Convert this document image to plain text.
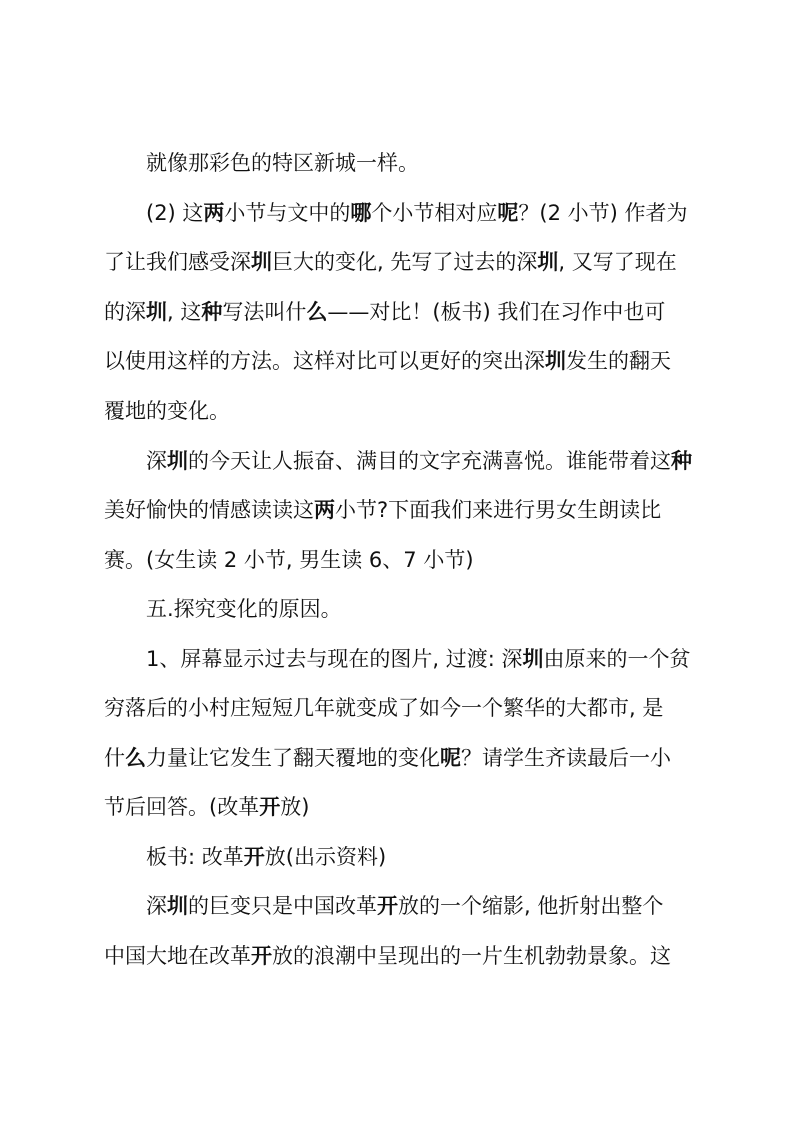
就像那彩色的特区新城一样。
(2) 这两小节与文中的哪个小节相对应呢？(2 小节) 作者为
了让我们感受深圳巨大的变化, 先写了过去的深圳, 又写了现在
的深圳, 这种写法叫什么——对比！(板书) 我们在习作中也可
以使用这样的方法。这样对比可以更好的突出深圳发生的翻天
覆地的变化。
深圳的今天让人振奋、满目的文字充满喜悦。谁能带着这种
美好愉快的情感读读这两小节?下面我们来进行男女生朗读比
赛。(女生读 2 小节, 男生读 6、7 小节)
五.探究变化的原因。
1、屏幕显示过去与现在的图片, 过渡: 深圳由原来的一个贫
穷落后的小村庄短短几年就变成了如今一个繁华的大都市, 是
什么力量让它发生了翻天覆地的变化呢？请学生齐读最后一小
节后回答。(改革开放)
板书: 改革开放(出示资料)
深圳的巨变只是中国改革开放的一个缩影, 他折射出整个
中国大地在改革开放的浪潮中呈现出的一片生机勃勃景象。这
